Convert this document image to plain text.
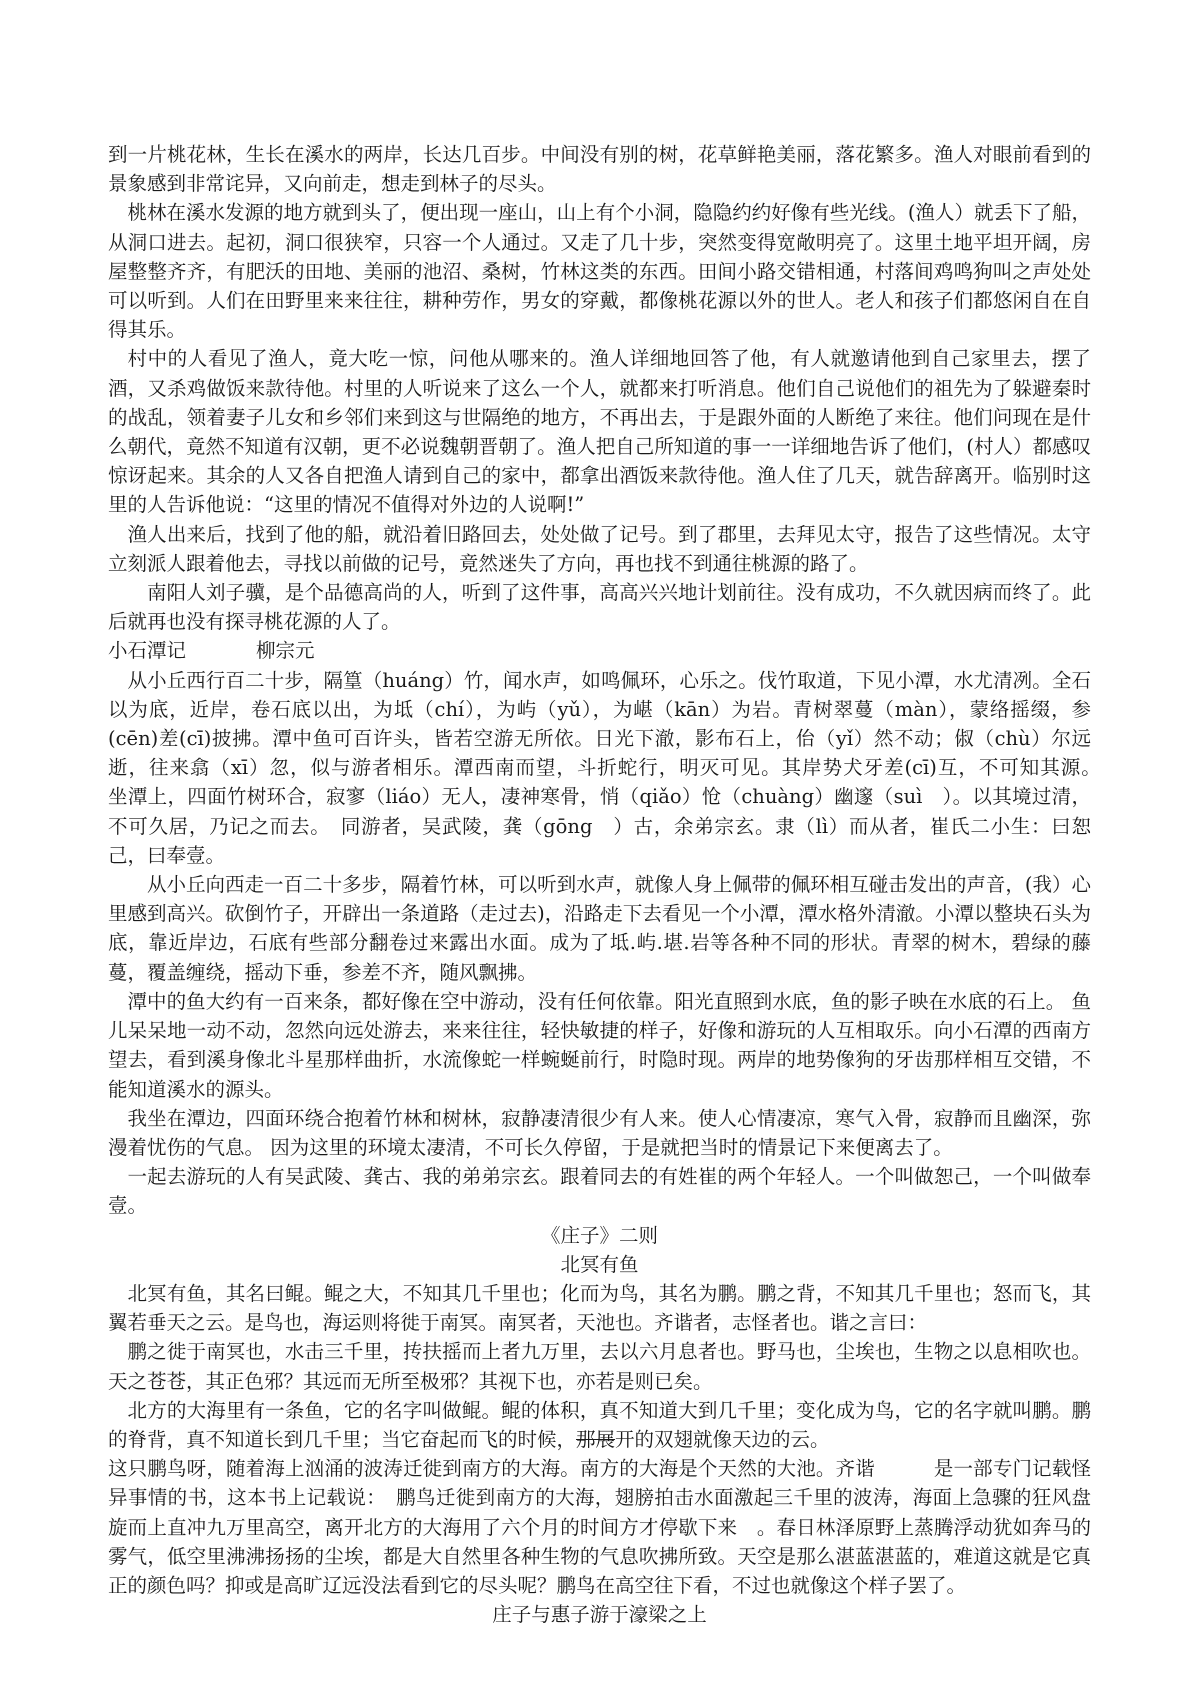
到一片桃花林，生长在溪水的两岸，长达几百步。中间没有别的树，花草鲜艳美丽，落花繁多。渔人对眼前看到的景象感到非常诧异，又向前走，想走到林子的尽头。

桃林在溪水发源的地方就到头了，便出现一座山，山上有个小洞，隐隐约约好像有些光线。(渔人）就丢下了船，从洞口进去。起初，洞口很狭窄，只容一个人通过。又走了几十步，突然变得宽敞明亮了。这里土地平坦开阔，房屋整整齐齐，有肥沃的田地、美丽的池沼、桑树，竹林这类的东西。田间小路交错相通，村落间鸡鸣狗叫之声处处可以听到。人们在田野里来来往往，耕种劳作，男女的穿戴，都像桃花源以外的世人。老人和孩子们都悠闲自在自得其乐。

村中的人看见了渔人，竟大吃一惊，问他从哪来的。渔人详细地回答了他，有人就邀请他到自己家里去，摆了酒，又杀鸡做饭来款待他。村里的人听说来了这么一个人，就都来打听消息。他们自己说他们的祖先为了躲避秦时的战乱，领着妻子儿女和乡邻们来到这与世隔绝的地方，不再出去，于是跟外面的人断绝了来往。他们问现在是什么朝代，竟然不知道有汉朝，更不必说魏朝晋朝了。渔人把自己所知道的事一一详细地告诉了他们，(村人）都感叹惊讶起来。其余的人又各自把渔人请到自己的家中，都拿出酒饭来款待他。渔人住了几天，就告辞离开。临别时这里的人告诉他说：“这里的情况不值得对外边的人说啊!”

渔人出来后，找到了他的船，就沿着旧路回去，处处做了记号。到了郡里，去拜见太守，报告了这些情况。太守立刻派人跟着他去，寻找以前做的记号，竟然迷失了方向，再也找不到通往桃源的路了。

南阳人刘子骥，是个品德高尚的人，听到了这件事，高高兴兴地计划前往。没有成功，不久就因病而终了。此后就再也没有探寻桃花源的人了。

小石潭记	柳宗元

从小丘西行百二十步，隔篁（huáng）竹，闻水声，如鸣佩环，心乐之。伐竹取道，下见小潭，水尤清冽。全石以为底，近岸，卷石底以出，为坻（chí），为屿（yǔ），为嵁（kān）为岩。青树翠蔓（màn），蒙络摇缀，参(cēn)差(cī)披拂。潭中鱼可百许头，皆若空游无所依。日光下澈，影布石上，佁（yǐ）然不动；俶（chù）尔远逝，往来翕（xī）忽，似与游者相乐。潭西南而望，斗折蛇行，明灭可见。其岸势犬牙差(cī)互，不可知其源。　　　坐潭上，四面竹树环合，寂寥（liáo）无人，凄神寒骨，悄（qiǎo）怆（chuàng）幽邃（suì　）。以其境过清，不可久居，乃记之而去。　同游者，吴武陵，龚（gōng　）古，余弟宗玄。隶（lì）而从者，崔氏二小生：曰恕己，曰奉壹。

从小丘向西走一百二十多步，隔着竹林，可以听到水声，就像人身上佩带的佩环相互碰击发出的声音，(我）心里感到高兴。砍倒竹子，开辟出一条道路（走过去)，沿路走下去看见一个小潭，潭水格外清澈。小潭以整块石头为底，靠近岸边，石底有些部分翻卷过来露出水面。成为了坻.屿.堪.岩等各种不同的形状。青翠的树木，碧绿的藤蔓，覆盖缠绕，摇动下垂，参差不齐，随风飘拂。

潭中的鱼大约有一百来条，都好像在空中游动，没有任何依靠。阳光直照到水底，鱼的影子映在水底的石上。 鱼儿呆呆地一动不动，忽然向远处游去，来来往往，轻快敏捷的样子，好像和游玩的人互相取乐。向小石潭的西南方望去，看到溪身像北斗星那样曲折，水流像蛇一样蜿蜒前行，时隐时现。两岸的地势像狗的牙齿那样相互交错，不能知道溪水的源头。

我坐在潭边，四面环绕合抱着竹林和树林，寂静凄清很少有人来。使人心情凄凉，寒气入骨，寂静而且幽深，弥漫着忧伤的气息。 因为这里的环境太凄清，不可长久停留，于是就把当时的情景记下来便离去了。

一起去游玩的人有吴武陵、龚古、我的弟弟宗玄。跟着同去的有姓崔的两个年轻人。一个叫做恕己，一个叫做奉壹。

《庄子》二则

北冥有鱼

北冥有鱼，其名曰鲲。鲲之大，不知其几千里也；化而为鸟，其名为鹏。鹏之背，不知其几千里也；怒而飞，其翼若垂天之云。是鸟也，海运则将徙于南冥。南冥者，天池也。齐谐者，志怪者也。谐之言曰：

鹏之徙于南冥也，水击三千里，抟扶摇而上者九万里，去以六月息者也。野马也，尘埃也，生物之以息相吹也。天之苍苍，其正色邪？其远而无所至极邪？其视下也，亦若是则已矣。

北方的大海里有一条鱼，它的名字叫做鲲。鲲的体积，真不知道大到几千里；变化成为鸟，它的名字就叫鹏。鹏的脊背，真不知道长到几千里；当它奋起而飞的时候，那展开的双翅就像天边的云。

这只鹏鸟呀，随着海上汹涌的波涛迁徙到南方的大海。南方的大海是个天然的大池。齐谐　　　是一部专门记载怪异事情的书，这本书上记载说：　鹏鸟迁徙到南方的大海，翅膀拍击水面激起三千里的波涛，海面上急骤的狂风盘旋而上直冲九万里高空，离开北方的大海用了六个月的时间方才停歇下来　。春日林泽原野上蒸腾浮动犹如奔马的雾气，低空里沸沸扬扬的尘埃，都是大自然里各种生物的气息吹拂所致。天空是那么湛蓝湛蓝的，难道这就是它真正的颜色吗？抑或是高旷辽远没法看到它的尽头呢？鹏鸟在高空往下看，不过也就像这个样子罢了。

庄子与惠子游于濠梁之上
